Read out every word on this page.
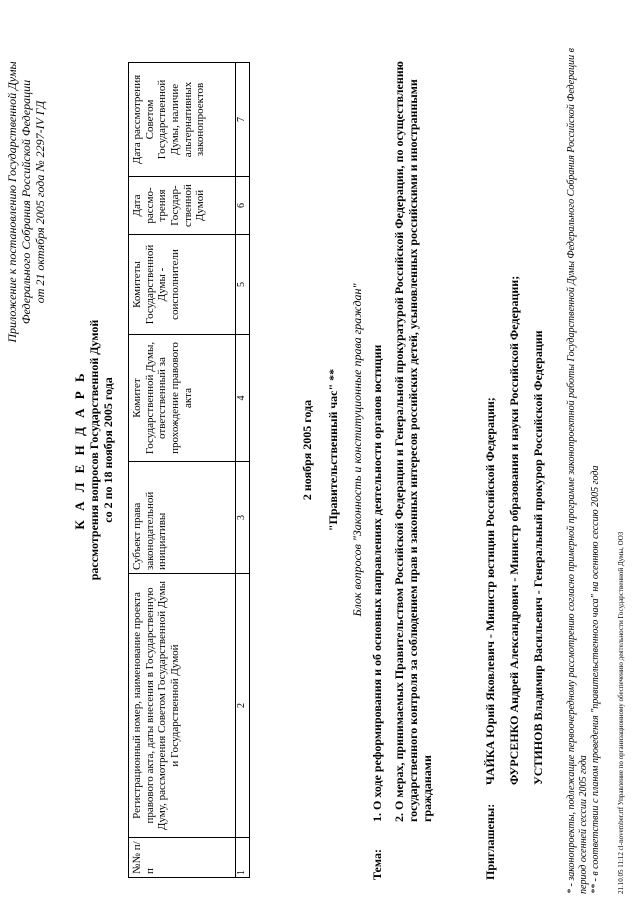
Приложение к постановлению Государственной Думы Федерального Собрания Российской Федерации от 21 октября 2005 года № 2297-IV ГД
К А Л Е Н Д А Р Ь рассмотрения вопросов Государственной Думой со 2 по 18 ноября 2005 года
№№ п/п	Регистрационный номер, наименование проекта правового акта, даты внесения в Государственную Думу, рассмотрения Советом Государственной Думы и Государственной Думой	Субъект права законодательной инициативы	Комитет Государственной Думы, ответственный за прохождение правового акта	Комитеты Государственной Думы - соисполнители	Дата рассмо-трения Государ-ственной Думой	Дата рассмотрения Советом Государственной Думы, наличие альтернативных законопроектов
1	2	3	4	5	6	7
2 ноября 2005 года "Правительственный час" ** Блок вопросов "Законность и конституционные права граждан"
Тема:
1. О ходе реформирования и об основных направлениях деятельности органов юстиции 2. О мерах, принимаемых Правительством Российской Федерации и Генеральной прокуратурой Российской Федерации, по осуществлению государственного контроля за соблюдением прав и законных интересов российских детей, усыновленных российскими и иностранными гражданами
Приглашены:
ЧАЙКА Юрий Яковлевич - Министр юстиции Российской Федерации; ФУРСЕНКО Андрей Александрович - Министр образования и науки Российской Федерации; УСТИНОВ Владимир Васильевич - Генеральный прокурор Российской Федерации * - законопроекты, подлежащие первоочередному рассмотрению согласно примерной программе законопроектной работы Государственной Думы Федерального Собрания Российской Федерации в период осенней сессии 2005 года ** - в соответствии с планом проведения "правительственного часа" на осеннюю сессию 2005 года 21.10.05 11:12 cl-november.rtf Управление по организационному обеспечению деятельности Государственной Думы, ООЗ
